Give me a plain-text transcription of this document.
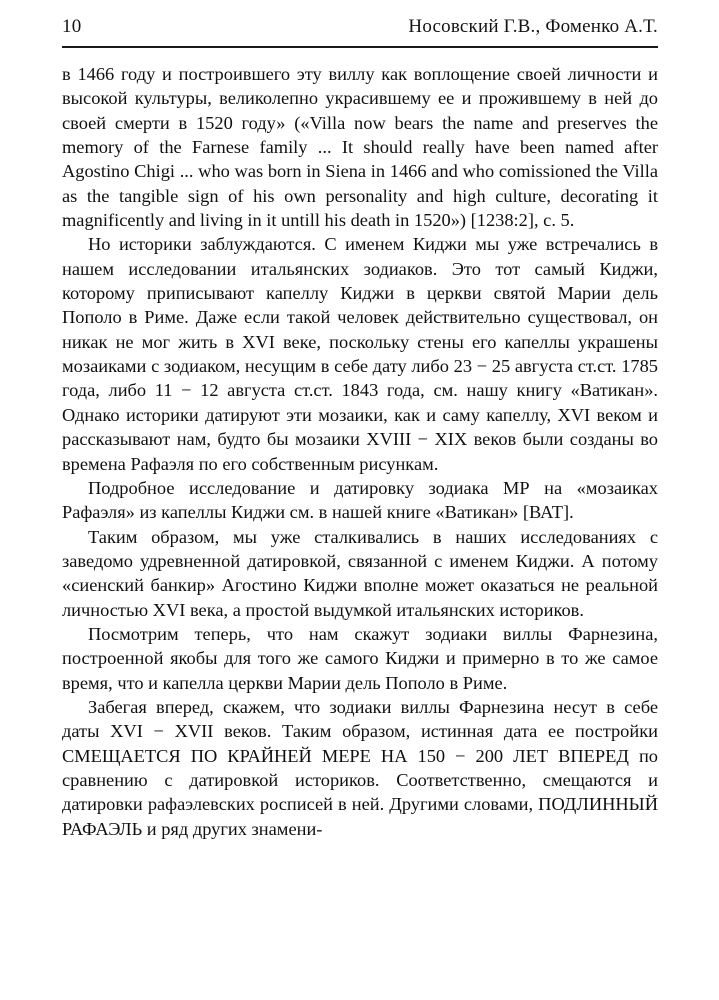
10	Носовский Г.В., Фоменко А.Т.

в 1466 году и построившего эту виллу как воплощение своей личности и высокой культуры, великолепно украсившему ее и прожившему в ней до своей смерти в 1520 году» («Villa now bears the name and preserves the memory of the Farnese family ... It should really have been named after Agostino Chigi ... who was born in Siena in 1466 and who comissioned the Villa as the tangible sign of his own personality and high culture, decorating it magnificently and living in it untill his death in 1520») [1238:2], с. 5.

Но историки заблуждаются. С именем Киджи мы уже встречались в нашем исследовании итальянских зодиаков. Это тот самый Киджи, которому приписывают капеллу Киджи в церкви святой Марии дель Пополо в Риме. Даже если такой человек действительно существовал, он никак не мог жить в XVI веке, поскольку стены его капеллы украшены мозаиками с зодиаком, несущим в себе дату либо 23 − 25 августа ст.ст. 1785 года, либо 11 − 12 августа ст.ст. 1843 года, см. нашу книгу «Ватикан». Однако историки датируют эти мозаики, как и саму капеллу, XVI веком и рассказывают нам, будто бы мозаики XVIII − XIX веков были созданы во времена Рафаэля по его собственным рисункам.

Подробное исследование и датировку зодиака МР на «мозаиках Рафаэля» из капеллы Киджи см. в нашей книге «Ватикан» [ВАТ].

Таким образом, мы уже сталкивались в наших исследованиях с заведомо удревненной датировкой, связанной с именем Киджи. А потому «сиенский банкир» Агостино Киджи вполне может оказаться не реальной личностью XVI века, а простой выдумкой итальянских историков.

Посмотрим теперь, что нам скажут зодиаки виллы Фарнезина, построенной якобы для того же самого Киджи и примерно в то же самое время, что и капелла церкви Марии дель Пополо в Риме.

Забегая вперед, скажем, что зодиаки виллы Фарнезина несут в себе даты XVI − XVII веков. Таким образом, истинная дата ее постройки СМЕЩАЕТСЯ ПО КРАЙНЕЙ МЕРЕ НА 150 − 200 ЛЕТ ВПЕРЕД по сравнению с датировкой историков. Соответственно, смещаются и датировки рафаэлевских росписей в ней. Другими словами, ПОДЛИННЫЙ РАФАЭЛЬ и ряд других знамени-
